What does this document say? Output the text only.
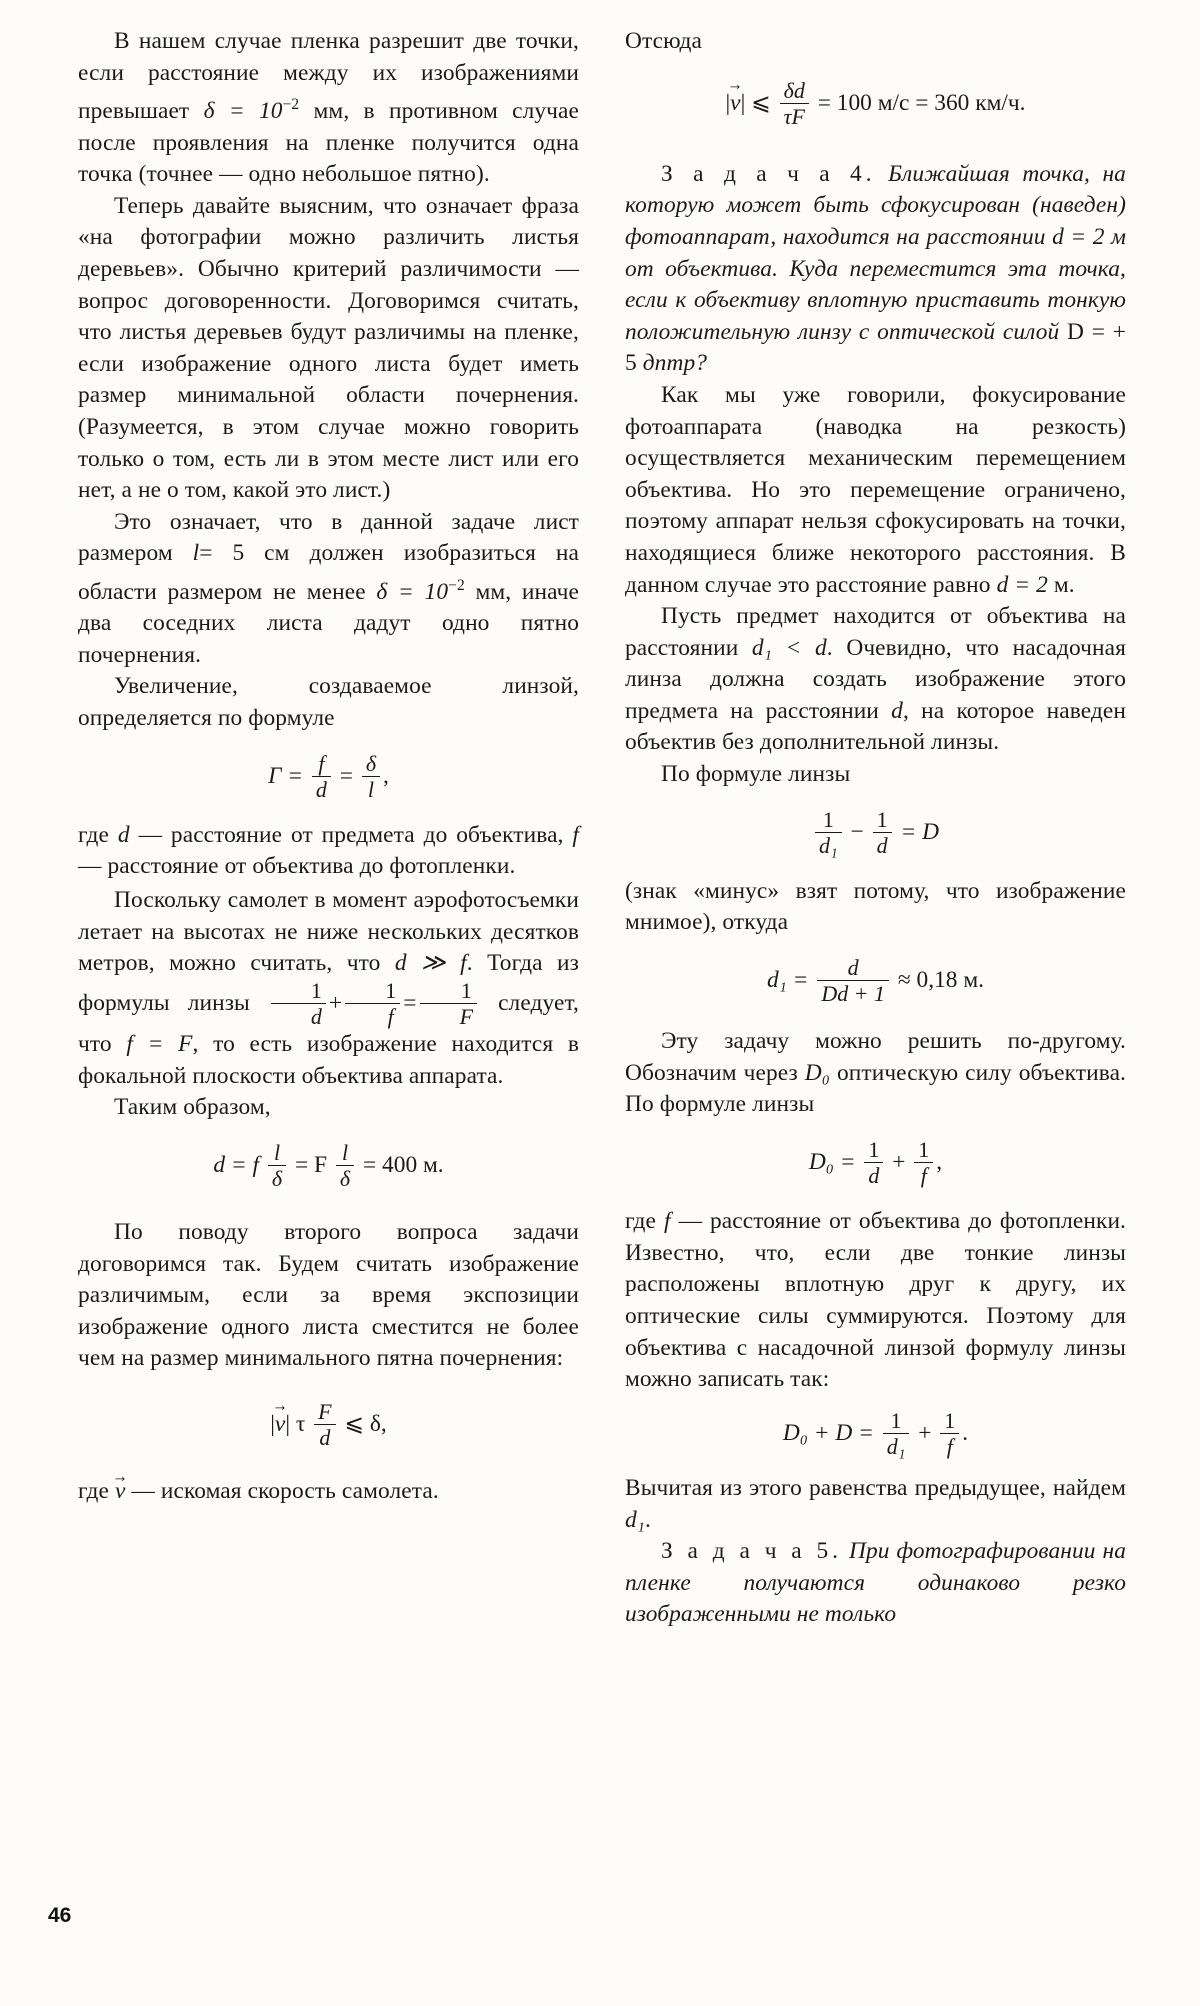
В нашем случае пленка разрешит две точки, если расстояние между их изображениями превышает $\delta = 10^{-2}$ мм, в противном случае после проявления на пленке получится одна точка (точнее — одно небольшое пятно).

Теперь давайте выясним, что означает фраза «на фотографии можно различить листья деревьев». Обычно критерий различимости — вопрос договоренности. Договоримся считать, что листья деревьев будут различимы на пленке, если изображение одного листа будет иметь размер минимальной области почернения. (Разумеется, в этом случае можно говорить только о том, есть ли в этом месте лист или его нет, а не о том, какой это лист.)

Это означает, что в данной задаче лист размером l= 5 см должен изобразиться на области размером не менее $\delta = 10^{-2}$ мм, иначе два соседних листа дадут одно пятно почернения.

Увеличение, создаваемое линзой, определяется по формуле

$\Gamma = \frac{f}{d} = \frac{\delta}{l}$ ,

где d — расстояние от предмета до объектива, f — расстояние от объектива до фотопленки.

Поскольку самолет в момент аэрофотосъемки летает на высотах не ниже нескольких десятков метров, можно считать, что d ≫ f. Тогда из формулы линзы $\frac{1}{d} + \frac{1}{f} = \frac{1}{F}$ следует, что f = F, то есть изображение находится в фокальной плоскости объектива аппарата.

Таким образом,

d = f $\frac{l}{\delta} = F \frac{l}{\delta} = 400$ м.

По поводу второго вопроса задачи договоримся так. Будем считать изображение различимым, если за время экспозиции изображение одного листа сместится не более чем на размер минимального пятна почернения:

|v →| τ $\frac{F}{d}$ ⩽ δ,

где v → — искомая скорость самолета.

Отсюда

|v →| ⩽ $\frac{\delta d}{\tau F} = 100$ м/с = 360 км/ч.

З а д а ч а 4. Ближайшая точка, на которую может быть сфокусирован (наведен) фотоаппарат, находится на расстоянии d = 2 м от объектива. Куда переместится эта точка, если к объективу вплотную приставить тонкую положительную линзу с оптической силой D = + 5 дптр?

Как мы уже говорили, фокусирование фотоаппарата (наводка на резкость) осуществляется механическим перемещением объектива. Но это перемещение ограничено, поэтому аппарат нельзя сфокусировать на точки, находящиеся ближе некоторого расстояния. В данном случае это расстояние равно d = 2 м.

Пусть предмет находится от объектива на расстоянии d₁ < d. Очевидно, что насадочная линза должна создать изображение этого предмета на расстоянии d, на которое наведен объектив без дополнительной линзы.

По формуле линзы

$\frac{1}{\text{d₁}} - \frac{1}{d} = D$

(знак «минус» взят потому, что изображение мнимое), откуда

$d_1 = \frac{d}{Dd + 1} \approx 0,18$ м.

Эту задачу можно решить по-другому. Обозначим через D₀ оптическую силу объектива. По формуле линзы

$D_0 = \frac{1}{d} + \frac{1}{f}$ ,

где f — расстояние от объектива до фотопленки. Известно, что, если две тонкие линзы расположены вплотную друг к другу, их оптические силы суммируются. Поэтому для объектива с насадочной линзой формулу линзы можно записать так:

$D_0 + D = \frac{1}{\text{d₁}} + \frac{1}{f}$ .

Вычитая из этого равенства предыдущее, найдем d₁.

З а д а ч а 5. При фотографировании на пленке получаются одинаково резко изображенными не только

46
